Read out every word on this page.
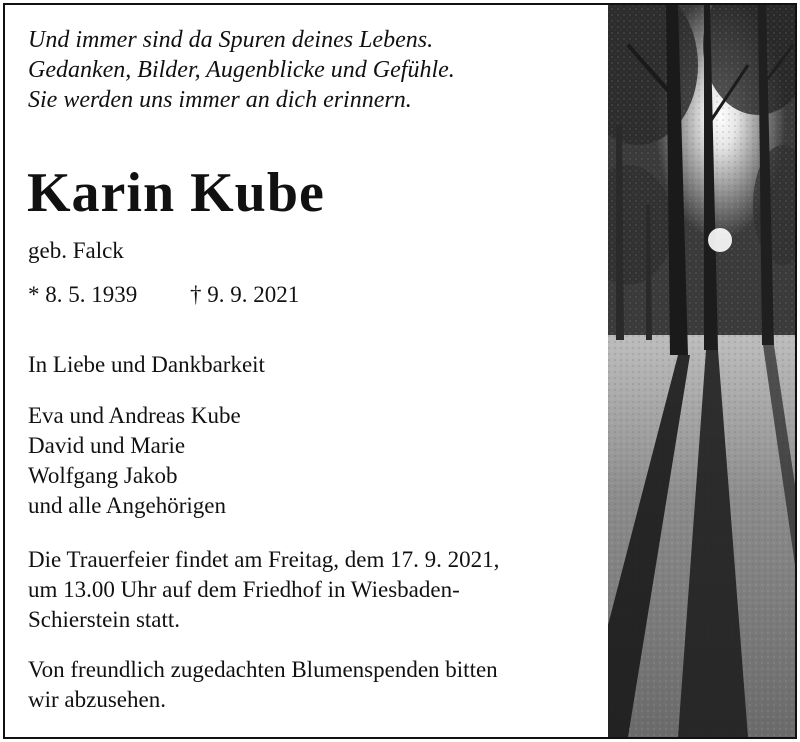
Und immer sind da Spuren deines Lebens.
Gedanken, Bilder, Augenblicke und Gefühle.
Sie werden uns immer an dich erinnern.
Karin Kube
geb. Falck
* 8. 5. 1939 † 9. 9. 2021
In Liebe und Dankbarkeit
Eva und Andreas Kube
David und Marie
Wolfgang Jakob
und alle Angehörigen
Die Trauerfeier findet am Freitag, dem 17. 9. 2021,
um 13.00 Uhr auf dem Friedhof in Wiesbaden-
Schierstein statt.
Von freundlich zugedachten Blumenspenden bitten
wir abzusehen.
